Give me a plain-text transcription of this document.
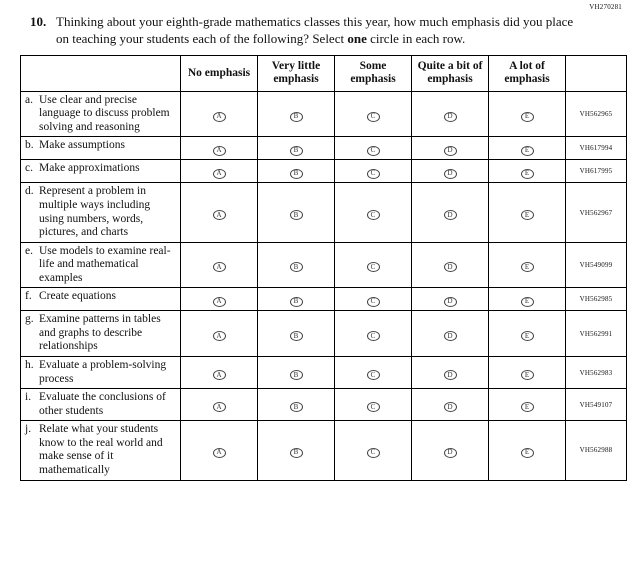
VH270281
10. Thinking about your eighth-grade mathematics classes this year, how much emphasis did you place on teaching your students each of the following? Select one circle in each row.
	No emphasis	Very little emphasis	Some emphasis	Quite a bit of emphasis	A lot of emphasis	

a. Use clear and precise language to discuss problem solving and reasoning	A	B	C	D	E	VH562965

b. Make assumptions	A	B	C	D	E	VH617994

c. Make approximations	A	B	C	D	E	VH617995

d. Represent a problem in multiple ways including using numbers, words, pictures, and charts	A	B	C	D	E	VH562967

e. Use models to examine real-life and mathematical examples	A	B	C	D	E	VH549099

f. Create equations	A	B	C	D	E	VH562985

g. Examine patterns in tables and graphs to describe relationships	A	B	C	D	E	VH562991

h. Evaluate a problem-solving process	A	B	C	D	E	VH562983

i. Evaluate the conclusions of other students	A	B	C	D	E	VH549107

j. Relate what your students know to the real world and make sense of it mathematically	A	B	C	D	E	VH562988
